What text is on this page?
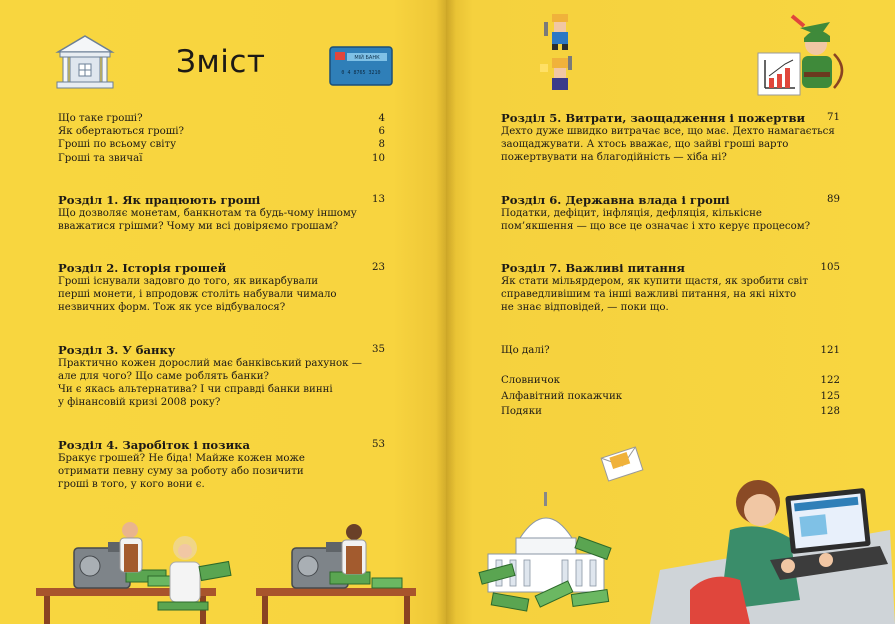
Зміст	МІЙ БАНК
0 4 8765 3210
Що таке гроші?	4
Як обертаються гроші?	6
Гроші по всьому світу	8
Гроші та звичаї	10
Розділ 1. Як працюють гроші	13
Що дозволяє монетам, банкнотам та будь-чому іншому
вважатися грішми? Чому ми всі довіряємо грошам?
Розділ 2. Історія грошей	23
Гроші існували задовго до того, як викарбували
перші монети, і впродовж століть набували чимало
незвичних форм. Тож як усе відбувалося?
Розділ 3. У банку	35
Практично кожен дорослий має банківський рахунок —
але для чого? Що саме роблять банки?
Чи є якась альтернатива? І чи справді банки винні
у фінансовій кризі 2008 року?
Розділ 4. Заробіток і позика	53
Бракує грошей? Не біда! Майже кожен може
отримати певну суму за роботу або позичити
гроші в того, у кого вони є.
Розділ 5. Витрати, заощадження і пожертви 71
Дехто дуже швидко витрачає все, що має. Дехто намагається
заощаджувати. А хтось вважає, що зайві гроші варто
пожертвувати на благодійність — хіба ні?
Розділ 6. Державна влада і гроші	89
Податки, дефіцит, інфляція, дефляція, кількісне
пом’якшення — що все це означає і хто керує процесом?
Розділ 7. Важливі питання	105
Як стати мільярдером, як купити щастя, як зробити світ
справедливішим та інші важливі питання, на які ніхто
не знає відповідей, — поки що.
Що далі?	121
Словничок	122
Алфавітний покажчик	125
Подяки	128
